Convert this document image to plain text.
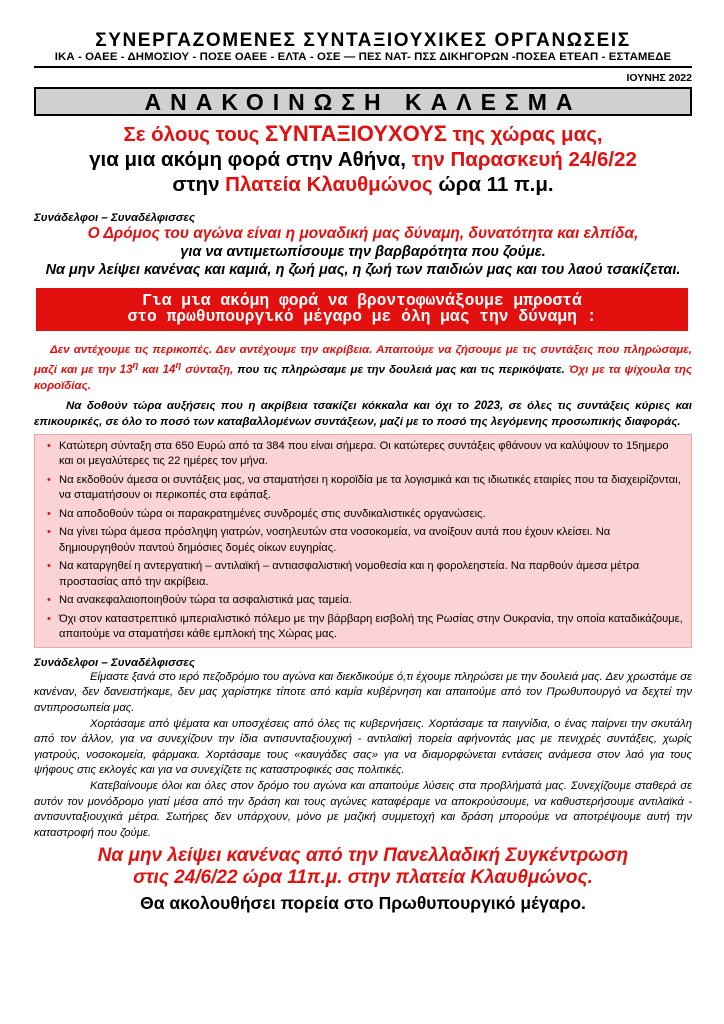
ΣΥΝΕΡΓΑΖΟΜΕΝΕΣ ΣΥΝΤΑΞΙΟΥΧΙΚΕΣ ΟΡΓΑΝΩΣΕΙΣ
ΙΚΑ - ΟΑΕΕ - ΔΗΜΟΣΙΟΥ - ΠΟΣΕ ΟΑΕΕ - ΕΛΤΑ - ΟΣΕ — ΠΕΣ ΝΑΤ- ΠΣΣ ΔΙΚΗΓΟΡΩΝ -ΠΟΣΕΑ ΕΤΕΑΠ - ΕΣΤΑΜΕΔΕ
ΙΟΥΝΗΣ 2022
ΑΝΑΚΟΙΝΩΣΗ ΚΑΛΕΣΜΑ
Σε όλους τους ΣΥΝΤΑΞΙΟΥΧΟΥΣ της χώρας μας,
για μια ακόμη φορά στην Αθήνα, την Παρασκευή 24/6/22
στην Πλατεία Κλαυθμώνος ώρα 11 π.μ.
Συνάδελφοι – Συναδέλφισσες
Ο Δρόμος του αγώνα είναι η μοναδική μας δύναμη, δυνατότητα και ελπίδα,
για να αντιμετωπίσουμε την βαρβαρότητα που ζούμε.
Να μην λείψει κανένας και καμιά, η ζωή μας, η ζωή των παιδιών μας και του λαού τσακίζεται.
Για μια ακόμη φορά να βροντοφωνάξουμε μπροστά
στο πρωθυπουργικό μέγαρο με όλη μας την δύναμη :
Δεν αντέχουμε τις περικοπές. Δεν αντέχουμε την ακρίβεια. Απαιτούμε να ζήσουμε με τις συντάξεις που πληρώσαμε, μαζί και με την $13^\eta$ και $14^\eta$ σύνταξη, που τις πληρώσαμε με την δουλειά μας και τις περικόψατε. Όχι με τα ψίχουλα της κοροϊδίας.
Να δοθούν τώρα αυξήσεις που η ακρίβεια τσακίζει κόκκαλα και όχι το 2023, σε όλες τις συντάξεις κύριες και επικουρικές, σε όλο το ποσό των καταβαλλομένων συντάξεων, μαζί με το ποσό της λεγόμενης προσωπικής διαφοράς.
• Κατώτερη σύνταξη στα 650 Ευρώ από τα 384 που είναι σήμερα. Οι κατώτερες συντάξεις φθάνουν να καλύψουν το 15ημερο και οι μεγαλύτερες τις 22 ημέρες τον μήνα.
• Να εκδοθούν άμεσα οι συντάξεις μας, να σταματήσει η κοροϊδία με τα λογισμικά και τις ιδιωτικές εταιρίες που τα διαχειρίζονται, να σταματήσουν οι περικοπές στα εφάπαξ.
• Να αποδοθούν τώρα οι παρακρατημένες συνδρομές στις συνδικαλιστικές οργανώσεις.
• Να γίνει τώρα άμεσα πρόσληψη γιατρών, νοσηλευτών στα νοσοκομεία, να ανοίξουν αυτά που έχουν κλείσει. Να δημιουργηθούν παντού δημόσιες δομές οίκων ευγηρίας.
• Να καταργηθεί η αντεργατική – αντιλαϊκή – αντιασφαλιστική νομοθεσία και η φορολεηστεία. Να παρθούν άμεσα μέτρα προστασίας από την ακρίβεια.
• Να ανακεφαλαιοποιηθούν τώρα τα ασφαλιστικά μας ταμεία.
• Όχι στον καταστρεπτικό ιμπεριαλιστικό πόλεμο με την βάρβαρη εισβολή της Ρωσίας στην Ουκρανία, την οποία καταδικάζουμε, απαιτούμε να σταματήσει κάθε εμπλοκή της Χώρας μας.
Συνάδελφοι – Συναδέλφισσες
Είμαστε ξανά στο ιερό πεζοδρόμιο του αγώνα και διεκδικούμε ό,τι έχουμε πληρώσει με την δουλειά μας. Δεν χρωστάμε σε κανέναν, δεν δανειστήκαμε, δεν μας χαρίστηκε τίποτε από καμία κυβέρνηση και απαιτούμε από τον Πρωθυπουργό να δεχτεί την αντιπροσωπεία μας.
Χορτάσαμε από ψέματα και υποσχέσεις από όλες τις κυβερνήσεις. Χορτάσαμε τα παιγνίδια, ο ένας παίρνει την σκυτάλη από τον άλλον, για να συνεχίζουν την ίδια αντισυνταξιουχική - αντιλαϊκή πορεία αφήνοντάς μας με πενιχρές συντάξεις, χωρίς γιατρούς, νοσοκομεία, φάρμακα. Χορτάσαμε τους «καυγάδες σας» για να διαμορφώνεται εντάσεις ανάμεσα στον λαό για τους ψήφους στις εκλογές και για να συνεχίζετε τις καταστροφικές σας πολιτικές.
Κατεβαίνουμε όλοι και όλες στον δρόμο του αγώνα και απαιτούμε λύσεις στα προβλήματά μας. Συνεχίζουμε σταθερά σε αυτόν τον μονόδρομο γιατί μέσα από την δράση και τους αγώνες καταφέραμε να αποκρούσουμε, να καθυστερήσουμε αντιλαϊκά - αντισυνταξιουχικά μέτρα. Σωτήρες δεν υπάρχουν, μόνο με μαζική συμμετοχή και δράση μπορούμε να αποτρέψουμε αυτή την καταστροφή που ζούμε.
Να μην λείψει κανένας από την Πανελλαδική Συγκέντρωση
στις 24/6/22 ώρα 11π.μ. στην πλατεία Κλαυθμώνος.
Θα ακολουθήσει πορεία στο Πρωθυπουργικό μέγαρο.
